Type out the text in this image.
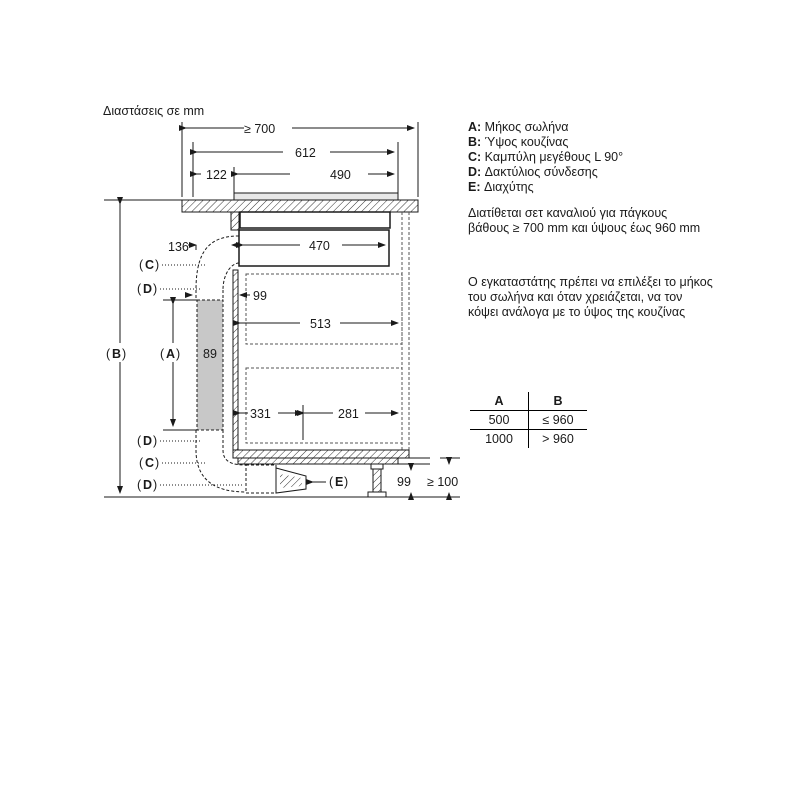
Διαστάσεις σε mm
≥ 700
612
122	490
470
89
( B )	( A )
136
99
513
331	281
( C )
( D )
( D )
( C )
( D )	( E )	99 ≥ 100
A: Μήκος σωλήνα
B: Ύψος κουζίνας
C: Καμπύλη μεγέθους L 90°
D: Δακτύλιος σύνδεσης
E: Διαχύτης
Διατίθεται σετ καναλιού για πάγκους βάθους ≥ 700 mm και ύψους έως 960 mm
Ο εγκαταστάτης πρέπει να επιλέξει το μήκος του σωλήνα και όταν χρειάζεται, να τον κόψει ανάλογα με το ύψος της κουζίνας
A	B
500	≤ 960
1000	> 960
